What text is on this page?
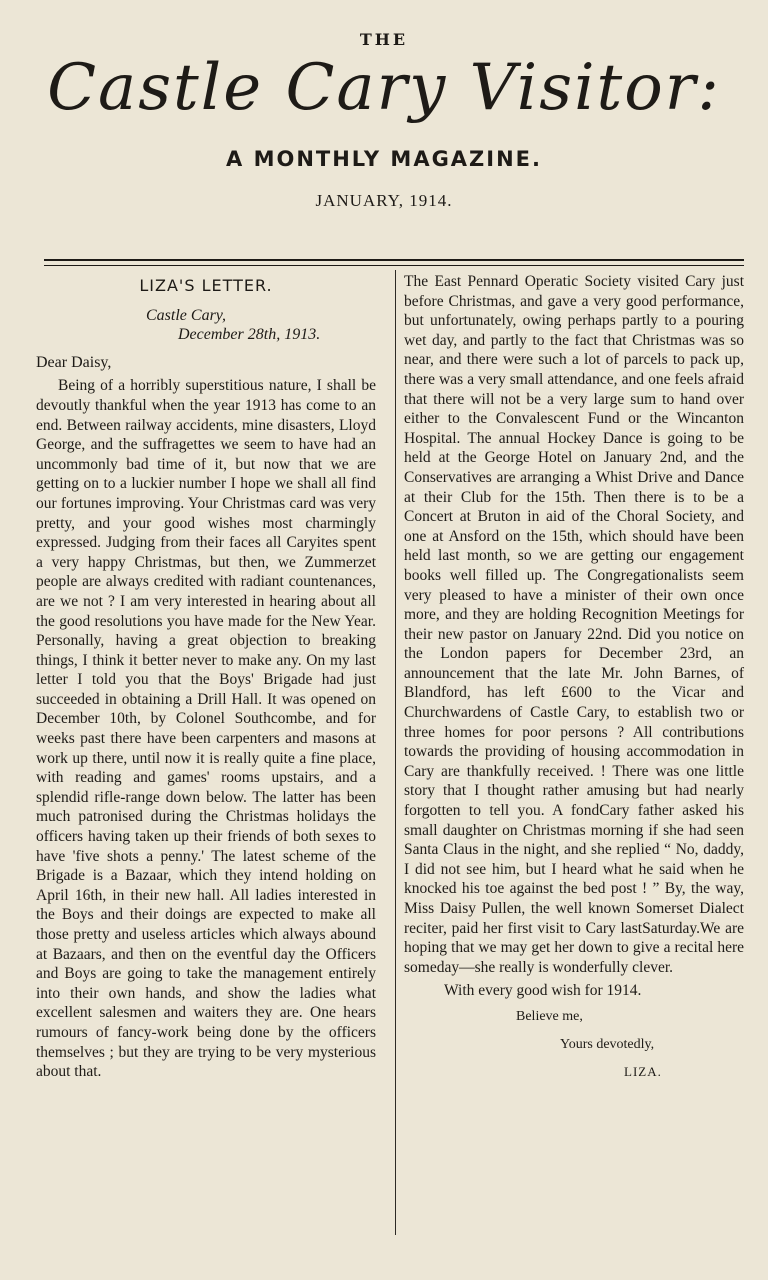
THE
Castle Cary Visitor:
A MONTHLY MAGAZINE.
JANUARY, 1914.
LIZA'S LETTER.
Castle Cary,
December 28th, 1913.
Dear Daisy,

Being of a horribly superstitious nature, I shall be devoutly thankful when the year 1913 has come to an end. Between railway accidents, mine disasters, Lloyd George, and the suffragettes we seem to have had an uncommonly bad time of it, but now that we are getting on to a luckier number I hope we shall all find our fortunes improving. Your Christmas card was very pretty, and your good wishes most charmingly expressed. Judging from their faces all Caryites spent a very happy Christmas, but then, we Zummerzet people are always credited with radiant countenances, are we not ? I am very interested in hearing about all the good resolutions you have made for the New Year. Personally, having a great objection to breaking things, I think it better never to make any. On my last letter I told you that the Boys' Brigade had just succeeded in obtaining a Drill Hall. It was opened on December 10th, by Colonel Southcombe, and for weeks past there have been carpenters and masons at work up there, until now it is really quite a fine place, with reading and games' rooms upstairs, and a splendid rifle-range down below. The latter has been much patronised during the Christmas holidays the officers having taken up their friends of both sexes to have 'five shots a penny.' The latest scheme of the Brigade is a Bazaar, which they intend holding on April 16th, in their new hall. All ladies interested in the Boys and their doings are expected to make all those pretty and useless articles which always abound at Bazaars, and then on the eventful day the Officers and Boys are going to take the management entirely into their own hands, and show the ladies what excellent salesmen and waiters they are. One hears rumours of fancy-work being done by the officers themselves ; but they are trying to be very mysterious about that.

The East Pennard Operatic Society visited Cary just before Christmas, and gave a very good performance, but unfortunately, owing perhaps partly to a pouring wet day, and partly to the fact that Christmas was so near, and there were such a lot of parcels to pack up, there was a very small attendance, and one feels afraid that there will not be a very large sum to hand over either to the Convalescent Fund or the Wincanton Hospital. The annual Hockey Dance is going to be held at the George Hotel on January 2nd, and the Conservatives are arranging a Whist Drive and Dance at their Club for the 15th. Then there is to be a Concert at Bruton in aid of the Choral Society, and one at Ansford on the 15th, which should have been held last month, so we are getting our engagement books well filled up. The Congregationalists seem very pleased to have a minister of their own once more, and they are holding Recognition Meetings for their new pastor on January 22nd. Did you notice on the London papers for December 23rd, an announcement that the late Mr. John Barnes, of Blandford, has left £600 to the Vicar and Churchwardens of Castle Cary, to establish two or three homes for poor persons ? All contributions towards the providing of housing accommodation in Cary are thankfully received. ! There was one little story that I thought rather amusing but had nearly forgotten to tell you. A fondCary father asked his small daughter on Christmas morning if she had seen Santa Claus in the night, and she replied “ No, daddy, I did not see him, but I heard what he said when he knocked his toe against the bed post ! ” By, the way, Miss Daisy Pullen, the well known Somerset Dialect reciter, paid her first visit to Cary lastSaturday.We are hoping that we may get her down to give a recital here someday—she really is wonderfully clever.

With every good wish for 1914.

Believe me,

Yours devotedly,

LIZA.
